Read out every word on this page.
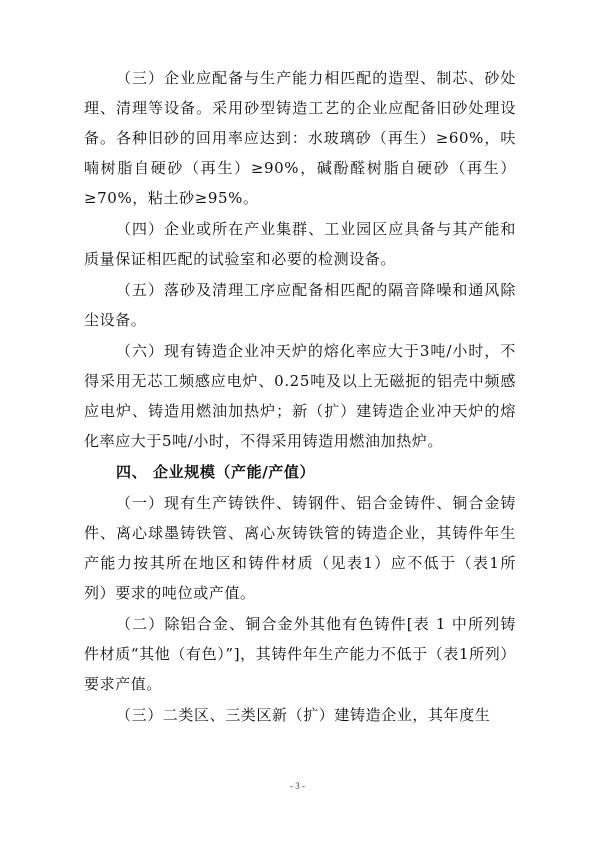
（三）企业应配备与生产能力相匹配的造型、制芯、砂处理、清理等设备。采用砂型铸造工艺的企业应配备旧砂处理设备。各种旧砂的回用率应达到：水玻璃砂（再生）≥60%，呋喃树脂自硬砂（再生）≥90%，碱酚醛树脂自硬砂（再生）≥70%，粘土砂≥95%。

（四）企业或所在产业集群、工业园区应具备与其产能和质量保证相匹配的试验室和必要的检测设备。

（五）落砂及清理工序应配备相匹配的隔音降噪和通风除尘设备。

（六）现有铸造企业冲天炉的熔化率应大于3吨/小时，不得采用无芯工频感应电炉、0.25吨及以上无磁扼的铝壳中频感应电炉、铸造用燃油加热炉；新（扩）建铸造企业冲天炉的熔化率应大于5吨/小时，不得采用铸造用燃油加热炉。

四、 企业规模（产能/产值）

（一）现有生产铸铁件、铸钢件、铝合金铸件、铜合金铸件、离心球墨铸铁管、离心灰铸铁管的铸造企业，其铸件年生产能力按其所在地区和铸件材质（见表1）应不低于（表1所列）要求的吨位或产值。

（二）除铝合金、铜合金外其他有色铸件[表 1 中所列铸件材质“其他（有色）”]，其铸件年生产能力不低于（表1所列）要求产值。

（三）二类区、三类区新（扩）建铸造企业，其年度生

- 3 -
